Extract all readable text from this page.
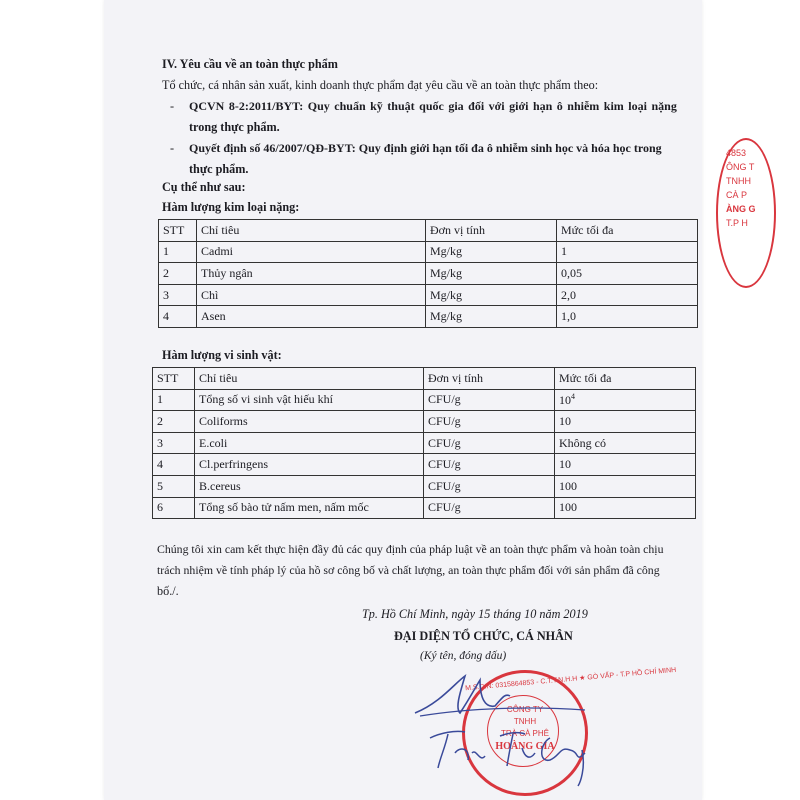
IV. Yêu cầu về an toàn thực phẩm
Tổ chức, cá nhân sản xuất, kinh doanh thực phẩm đạt yêu cầu về an toàn thực phẩm theo:
- QCVN 8-2:2011/BYT: Quy chuẩn kỹ thuật quốc gia đối với giới hạn ô nhiễm kim loại nặng
trong thực phẩm.
- Quyết định số 46/2007/QĐ-BYT: Quy định giới hạn tối đa ô nhiễm sinh học và hóa học trong
thực phẩm.
Cụ thể như sau:
Hàm lượng kim loại nặng:
STT	Chỉ tiêu	Đơn vị tính	Mức tối đa
1	Cadmi	Mg/kg	1
2	Thủy ngân	Mg/kg	0,05
3	Chì	Mg/kg	2,0
4	Asen	Mg/kg	1,0
Hàm lượng vi sinh vật:
STT	Chỉ tiêu	Đơn vị tính	Mức tối đa
1	Tổng số vi sinh vật hiếu khí	CFU/g	$10^4$
2	Coliforms	CFU/g	10
3	E.coli	CFU/g	Không có
4	Cl.perfringens	CFU/g	10
5	B.cereus	CFU/g	100
6	Tổng số bào tử nấm men, nấm mốc	CFU/g	100
Chúng tôi xin cam kết thực hiện đầy đủ các quy định của pháp luật về an toàn thực phẩm và hoàn toàn chịu
trách nhiệm về tính pháp lý của hồ sơ công bố và chất lượng, an toàn thực phẩm đối với sản phẩm đã công
bố./.
Tp. Hồ Chí Minh, ngày 15 tháng 10 năm 2019
ĐẠI DIỆN TỔ CHỨC, CÁ NHÂN
(Ký tên, đóng dấu)
M.S.D.N: 0315864853 - C.T.T.N.H.H ★ GÒ VẤP - T.P HỒ CHÍ MINH
CÔNG TY
TNHH
TRÀ CÀ PHÊ
HOÀNG GIA
4853
ÔNG T
TNHH
CÀ P
ÀNG G
T.P H
